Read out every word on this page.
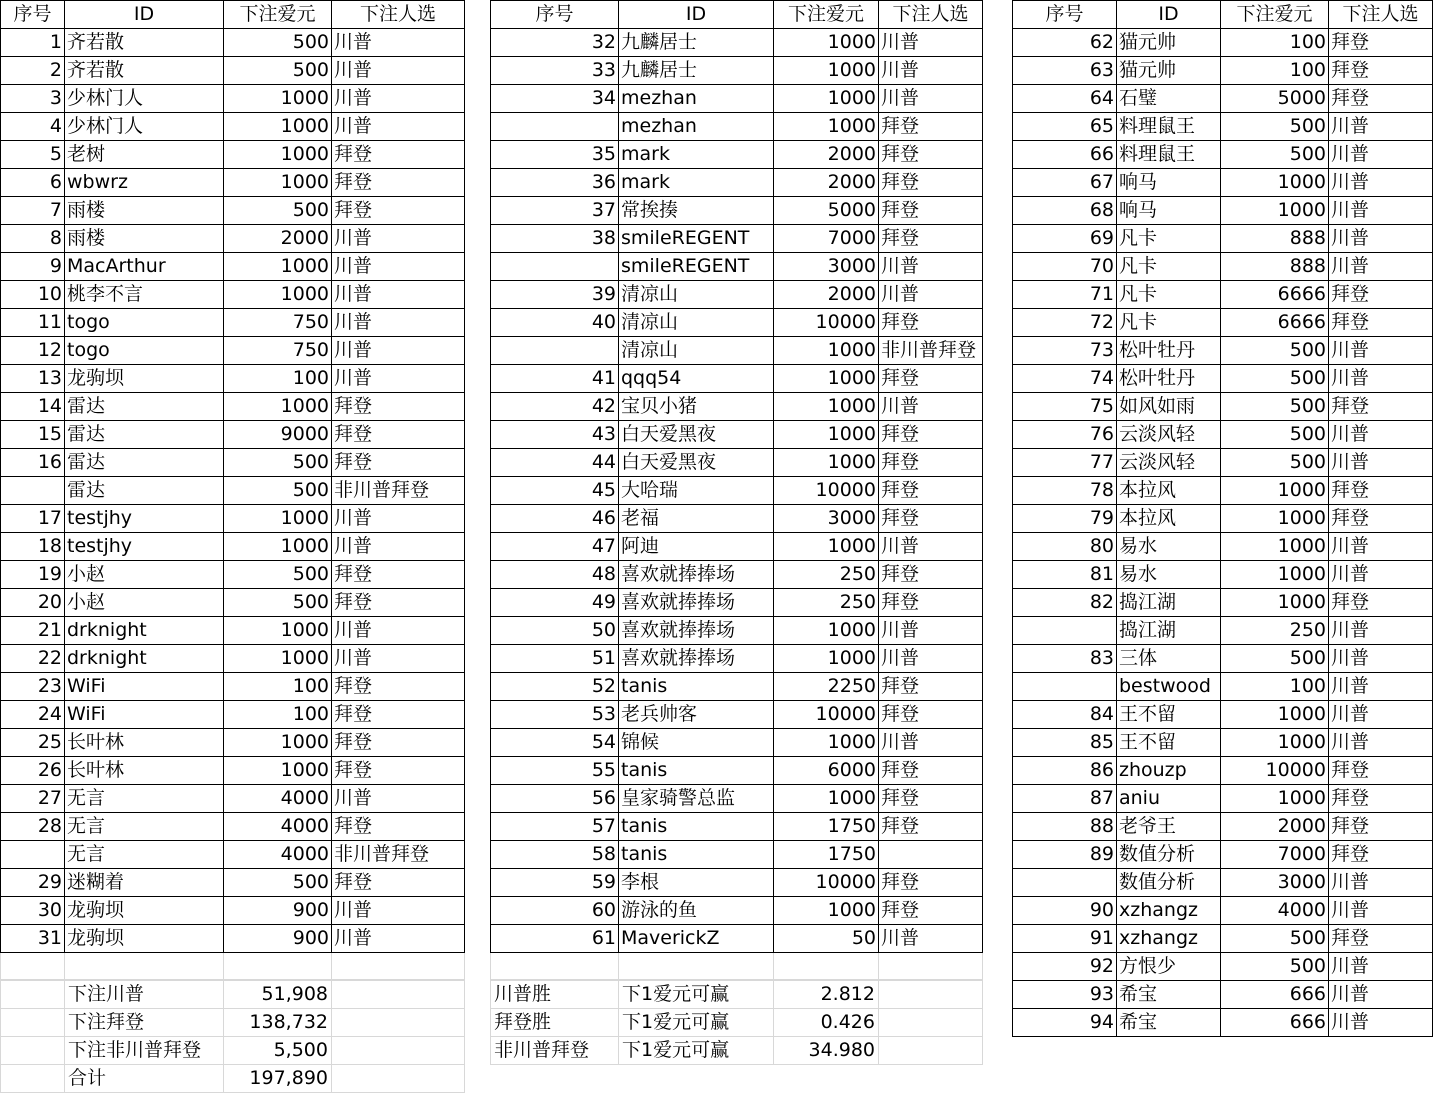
序号	ID	下注爱元	下注人选
1	齐若散	500	川普
2	齐若散	500	川普
3	少林门人	1000	川普
4	少林门人	1000	川普
5	老树	1000	拜登
6	wbwrz	1000	拜登
7	雨楼	500	拜登
8	雨楼	2000	川普
9	MacArthur	1000	川普
10	桃李不言	1000	川普
11	togo	750	川普
12	togo	750	川普
13	龙驹坝	100	川普
14	雷达	1000	拜登
15	雷达	9000	拜登
16	雷达	500	拜登
	雷达	500	非川普拜登
17	testjhy	1000	川普
18	testjhy	1000	川普
19	小赵	500	拜登
20	小赵	500	拜登
21	drknight	1000	川普
22	drknight	1000	川普
23	WiFi	100	拜登
24	WiFi	100	拜登
25	长叶林	1000	拜登
26	长叶林	1000	拜登
27	无言	4000	川普
28	无言	4000	拜登
	无言	4000	非川普拜登
29	迷糊着	500	拜登
30	龙驹坝	900	川普
31	龙驹坝	900	川普

序号	ID	下注爱元	下注人选
32	九麟居士	1000	川普
33	九麟居士	1000	川普
34	mezhan	1000	川普
	mezhan	1000	拜登
35	mark	2000	拜登
36	mark	2000	拜登
37	常挨揍	5000	拜登
38	smileREGENT	7000	拜登
	smileREGENT	3000	川普
39	清凉山	2000	川普
40	清凉山	10000	拜登
	清凉山	1000	非川普拜登
41	qqq54	1000	拜登
42	宝贝小猪	1000	川普
43	白天爱黑夜	1000	拜登
44	白天爱黑夜	1000	拜登
45	大哈瑞	10000	拜登
46	老福	3000	拜登
47	阿迪	1000	川普
48	喜欢就捧捧场	250	拜登
49	喜欢就捧捧场	250	拜登
50	喜欢就捧捧场	1000	川普
51	喜欢就捧捧场	1000	川普
52	tanis	2250	拜登
53	老兵帅客	10000	拜登
54	锦候	1000	川普
55	tanis	6000	拜登
56	皇家骑警总监	1000	拜登
57	tanis	1750	拜登
58	tanis	1750	
59	李根	10000	拜登
60	游泳的鱼	1000	拜登
61	MaverickZ	50	川普

序号	ID	下注爱元	下注人选
62	猫元帅	100	拜登
63	猫元帅	100	拜登
64	石璧	5000	拜登
65	料理鼠王	500	川普
66	料理鼠王	500	川普
67	响马	1000	川普
68	响马	1000	川普
69	凡卡	888	川普
70	凡卡	888	川普
71	凡卡	6666	拜登
72	凡卡	6666	拜登
73	松叶牡丹	500	川普
74	松叶牡丹	500	川普
75	如风如雨	500	拜登
76	云淡风轻	500	川普
77	云淡风轻	500	川普
78	本拉风	1000	拜登
79	本拉风	1000	拜登
80	易水	1000	川普
81	易水	1000	川普
82	捣江湖	1000	拜登
	捣江湖	250	川普
83	三体	500	川普
	bestwood	100	川普
84	王不留	1000	川普
85	王不留	1000	川普
86	zhouzp	10000	拜登
87	aniu	1000	拜登
88	老爷王	2000	拜登
89	数值分析	7000	拜登
	数值分析	3000	川普
90	xzhangz	4000	川普
91	xzhangz	500	拜登
92	方恨少	500	川普
93	希宝	666	川普
94	希宝	666	川普
	下注川普	51,908	
	下注拜登	138,732	
	下注非川普拜登	5,500	
	合计	197,890	
川普胜	下1爱元可赢	2.812	
拜登胜	下1爱元可赢	0.426	
非川普拜登	下1爱元可赢	34.980	
